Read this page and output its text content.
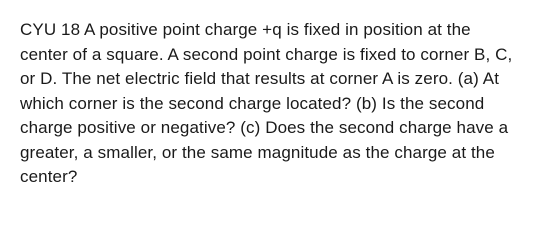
CYU 18 A positive point charge +q is fixed in position at the
center of a square. A second point charge is fixed to corner B, C,
or D. The net electric field that results at corner A is zero. (a) At
which corner is the second charge located? (b) Is the second
charge positive or negative? (c) Does the second charge have a
greater, a smaller, or the same magnitude as the charge at the
center?
